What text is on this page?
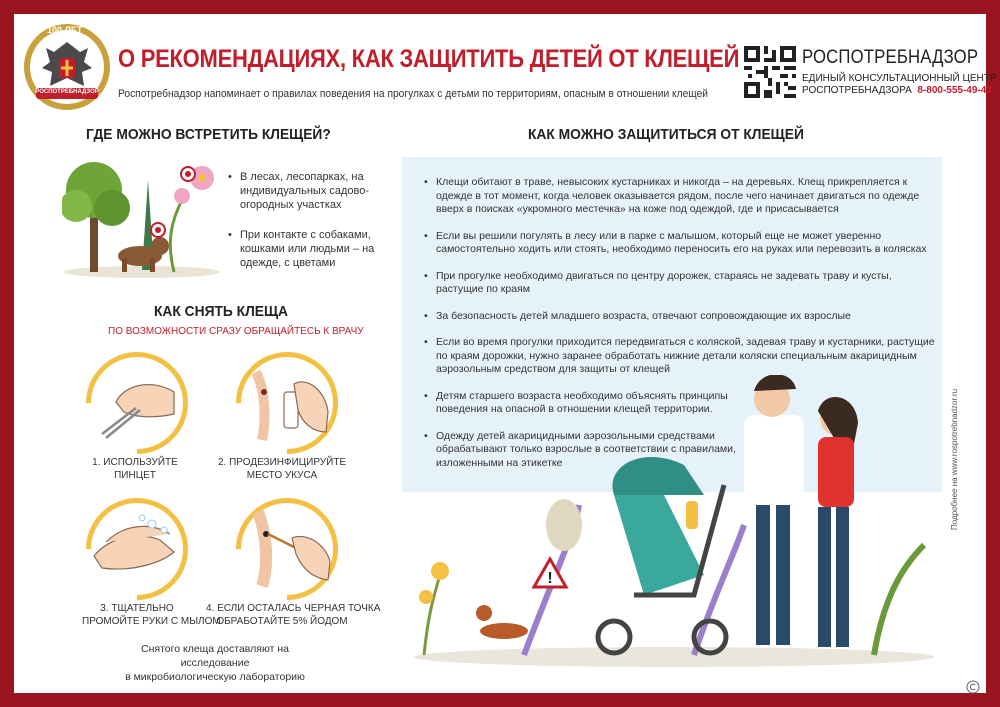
100 ЛЕТ
РОСПОТРЕБНАДЗОР
О РЕКОМЕНДАЦИЯХ, КАК ЗАЩИТИТЬ ДЕТЕЙ ОТ КЛЕЩЕЙ
Роспотребнадзор напоминает о правилах поведения на прогулках с детьми по территориям, опасным в отношении клещей
РОСПОТРЕБНАДЗОР
ЕДИНЫЙ КОНСУЛЬТАЦИОННЫЙ ЦЕНТР
РОСПОТРЕБНАДЗОРА 8-800-555-49-43
ГДЕ МОЖНО ВСТРЕТИТЬ КЛЕЩЕЙ?
• В лесах, лесопарках, на индивидуальных садово-огородных участках
• При контакте с собаками, кошками или людьми – на одежде, с цветами
КАК СНЯТЬ КЛЕЩА
ПО ВОЗМОЖНОСТИ СРАЗУ ОБРАЩАЙТЕСЬ К ВРАЧУ
1. ИСПОЛЬЗУЙТЕ
ПИНЦЕТ
2. ПРОДЕЗИНФИЦИРУЙТЕ
МЕСТО УКУСА
3. ТЩАТЕЛЬНО
ПРОМОЙТЕ РУКИ С МЫЛОМ
4. ЕСЛИ ОСТАЛАСЬ ЧЕРНАЯ ТОЧКА
ОБРАБОТАЙТЕ 5% ЙОДОМ
Снятого клеща доставляют на исследование
в микробиологическую лабораторию
КАК МОЖНО ЗАЩИТИТЬСЯ ОТ КЛЕЩЕЙ
• Клещи обитают в траве, невысоких кустарниках и никогда – на деревьях. Клещ прикрепляется к одежде в тот момент, когда человек оказывается рядом, после чего начинает двигаться по одежде вверх в поисках «укромного местечка» на коже под одеждой, где и присасывается
• Если вы решили погулять в лесу или в парке с малышом, который еще не может уверенно самостоятельно ходить или стоять, необходимо переносить его на руках или перевозить в колясках
• При прогулке необходимо двигаться по центру дорожек, стараясь не задевать траву и кусты, растущие по краям
• За безопасность детей младшего возраста, отвечают сопровождающие их взрослые
• Если во время прогулки приходится передвигаться с коляской, задевая траву и кустарники, растущие по краям дорожки, нужно заранее обработать нижние детали коляски специальным акарицидным аэрозольным средством для защиты от клещей
• Детям старшего возраста необходимо объяснять принципы поведения на опасной в отношении клещей территории.
• Одежду детей акарицидными аэрозольными средствами обрабатывают только взрослые в соответствии с правилами, изложенными на этикетке
!
Подробнее на www.rospotrebnadzor.ru
